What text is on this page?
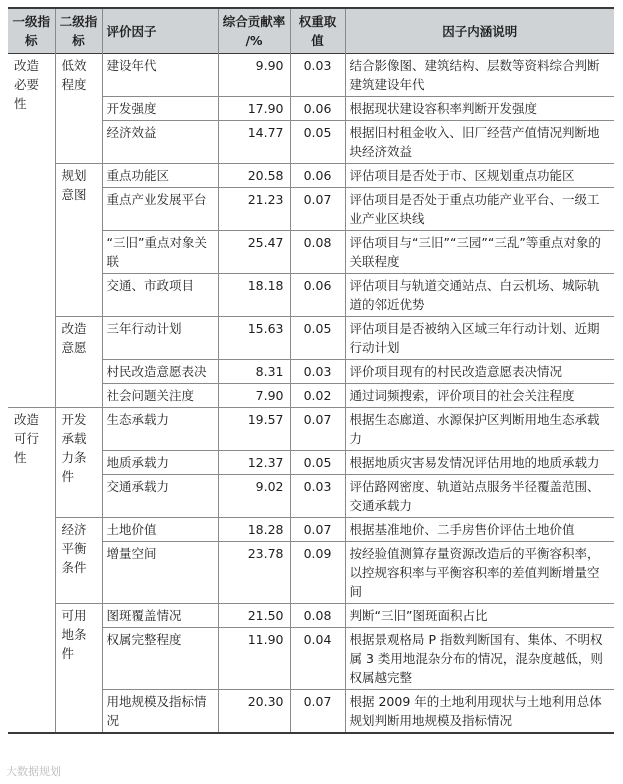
一级指标	二级指标	评价因子	综合贡献率 /%	权重取值	因子内涵说明
改造必要性	低效程度	建设年代	9.90	0.03	结合影像图、建筑结构、层数等资料综合判断建筑建设年代
		开发强度	17.90	0.06	根据现状建设容积率判断开发强度
		经济效益	14.77	0.05	根据旧村租金收入、旧厂经营产值情况判断地块经济效益
	规划意图	重点功能区	20.58	0.06	评估项目是否处于市、区规划重点功能区
		重点产业发展平台	21.23	0.07	评估项目是否处于重点功能产业平台、一级工业产业区块线
		“三旧”重点对象关联	25.47	0.08	评估项目与“三旧”“三园”“三乱”等重点对象的关联程度
		交通、市政项目	18.18	0.06	评估项目与轨道交通站点、白云机场、城际轨道的邻近优势
	改造意愿	三年行动计划	15.63	0.05	评估项目是否被纳入区域三年行动计划、近期行动计划
		村民改造意愿表决	8.31	0.03	评价项目现有的村民改造意愿表决情况
		社会问题关注度	7.90	0.02	通过词频搜索，评价项目的社会关注程度
改造可行性	开发承载力条件	生态承载力	19.57	0.07	根据生态廊道、水源保护区判断用地生态承载力
		地质承载力	12.37	0.05	根据地质灾害易发情况评估用地的地质承载力
		交通承载力	9.02	0.03	评估路网密度、轨道站点服务半径覆盖范围、交通承载力
	经济平衡条件	土地价值	18.28	0.07	根据基准地价、二手房售价评估土地价值
		增量空间	23.78	0.09	按经验值测算存量资源改造后的平衡容积率，以控规容积率与平衡容积率的差值判断增量空间
	可用地条件	图斑覆盖情况	21.50	0.08	判断“三旧”图斑面积占比
		权属完整程度	11.90	0.04	根据景观格局 P 指数判断国有、集体、不明权属 3 类用地混杂分布的情况，混杂度越低，则权属越完整
		用地规模及指标情况	20.30	0.07	根据 2009 年的土地利用现状与土地利用总体规划判断用地规模及指标情况
大数据规划
